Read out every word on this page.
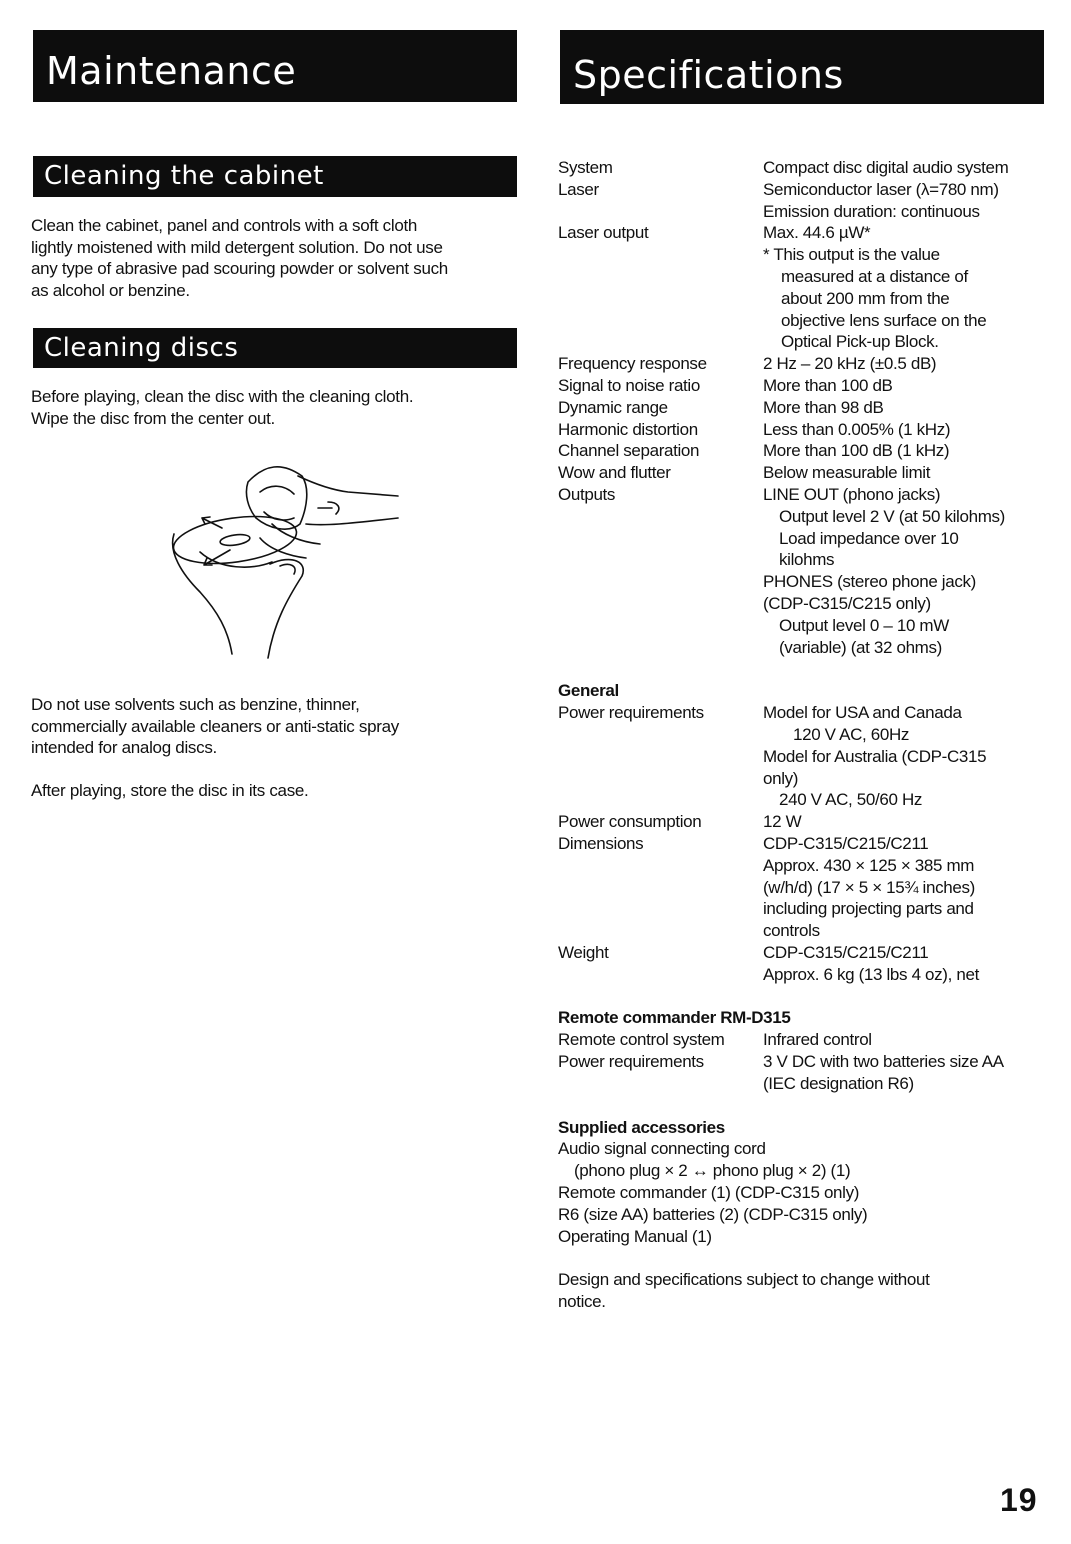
Maintenance
Cleaning the cabinet
Clean the cabinet, panel and controls with a soft cloth
lightly moistened with mild detergent solution. Do not use
any type of abrasive pad scouring powder or solvent such
as alcohol or benzine.
Cleaning discs
Before playing, clean the disc with the cleaning cloth.
Wipe the disc from the center out.
Do not use solvents such as benzine, thinner,
commercially available cleaners or anti-static spray
intended for analog discs.
After playing, store the disc in its case.
Specifications
System	Compact disc digital audio system
Laser	Semiconductor laser (λ=780 nm)
Emission duration: continuous
Laser output	Max. 44.6 µW*
* This output is the value
measured at a distance of
about 200 mm from the
objective lens surface on the
Optical Pick-up Block.
Frequency response	2 Hz – 20 kHz (±0.5 dB)
Signal to noise ratio	More than 100 dB
Dynamic range	More than 98 dB
Harmonic distortion	Less than 0.005% (1 kHz)
Channel separation	More than 100 dB (1 kHz)
Wow and flutter	Below measurable limit
Outputs	LINE OUT (phono jacks)
Output level 2 V (at 50 kilohms)
Load impedance over 10
kilohms
PHONES (stereo phone jack)
(CDP-C315/C215 only)
Output level 0 – 10 mW
(variable) (at 32 ohms)
General
Power requirements	Model for USA and Canada
120 V AC, 60Hz
Model for Australia (CDP-C315
only)
240 V AC, 50/60 Hz
Power consumption	12 W
Dimensions	CDP-C315/C215/C211
Approx. 430 × 125 × 385 mm
(w/h/d) (17 × 5 × 15¾ inches)
including projecting parts and
controls
Weight	CDP-C315/C215/C211
Approx. 6 kg (13 lbs 4 oz), net
Remote commander RM-D315
Remote control system Infrared control
Power requirements	3 V DC with two batteries size AA
(IEC designation R6)
Supplied accessories
Audio signal connecting cord
(phono plug × 2 ↔ phono plug × 2) (1)
Remote commander (1) (CDP-C315 only)
R6 (size AA) batteries (2) (CDP-C315 only)
Operating Manual (1)
Design and specifications subject to change without
notice.
19
